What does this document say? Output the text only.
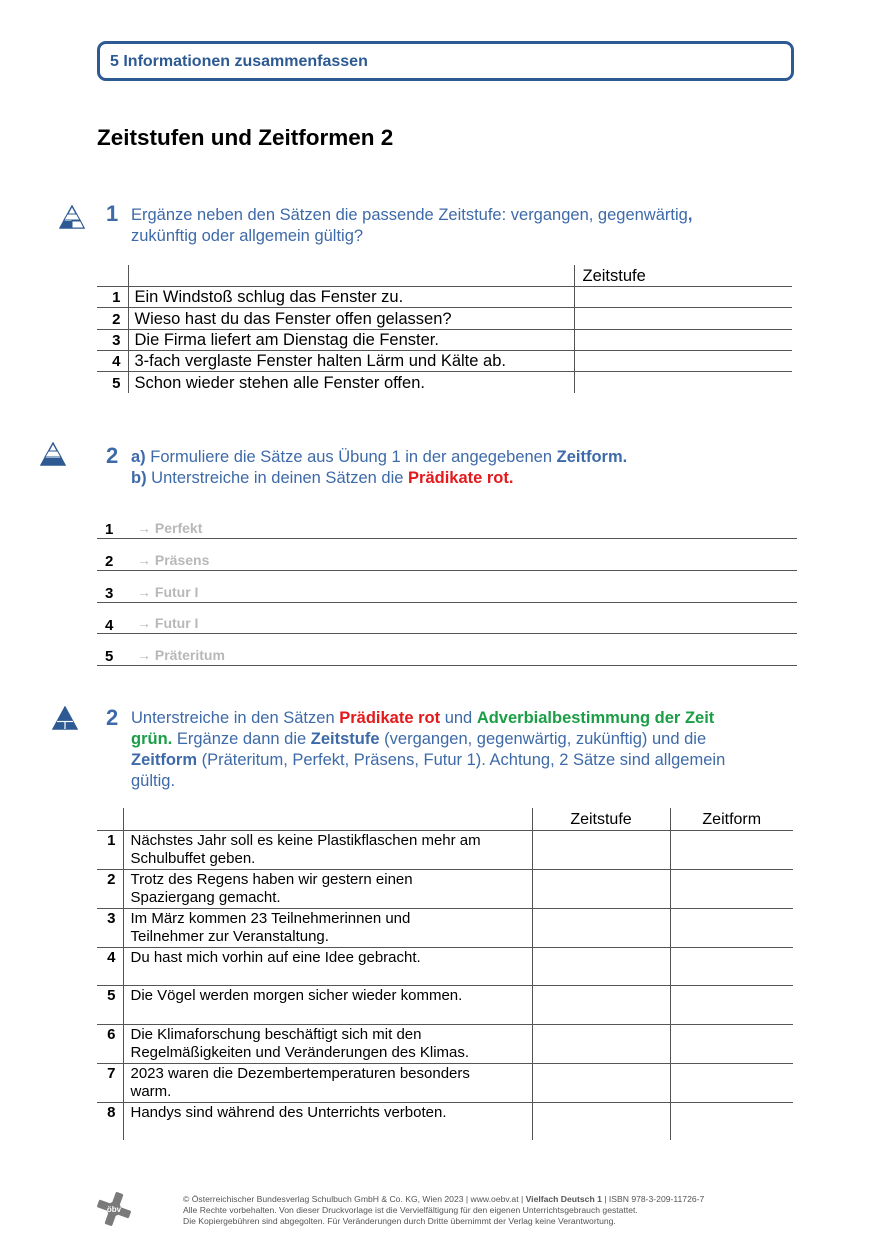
5 Informationen zusammenfassen
Zeitstufen und Zeitformen 2
1 Ergänze neben den Sätzen die passende Zeitstufe: vergangen, gegenwärtig,
zukünftig oder allgemein gültig?
		Zeitstufe
1	Ein Windstoß schlug das Fenster zu.	
2	Wieso hast du das Fenster offen gelassen?	
3	Die Firma liefert am Dienstag die Fenster.	
4	3-fach verglaste Fenster halten Lärm und Kälte ab.	
5	Schon wieder stehen alle Fenster offen.	
2 a) Formuliere die Sätze aus Übung 1 in der angegebenen Zeitform.
b) Unterstreiche in deinen Sätzen die Prädikate rot.
1 → Perfekt
2 → Präsens
3 → Futur I
4 → Futur I
5 → Präteritum
2 Unterstreiche in den Sätzen Prädikate rot und Adverbialbestimmung der Zeit
grün. Ergänze dann die Zeitstufe (vergangen, gegenwärtig, zukünftig) und die
Zeitform (Präteritum, Perfekt, Präsens, Futur 1). Achtung, 2 Sätze sind allgemein
gültig.
		Zeitstufe	Zeitform
1	Nächstes Jahr soll es keine Plastikflaschen mehr am
Schulbuffet geben.		
2	Trotz des Regens haben wir gestern einen
Spaziergang gemacht.		
3	Im März kommen 23 Teilnehmerinnen und
Teilnehmer zur Veranstaltung.		
4	Du hast mich vorhin auf eine Idee gebracht.		
5	Die Vögel werden morgen sicher wieder kommen.		
6	Die Klimaforschung beschäftigt sich mit den
Regelmäßigkeiten und Veränderungen des Klimas.		
7	2023 waren die Dezembertemperaturen besonders
warm.		
8	Handys sind während des Unterrichts verboten.		
öbv
© Österreichischer Bundesverlag Schulbuch GmbH & Co. KG, Wien 2023 | www.oebv.at | Vielfach Deutsch 1 | ISBN 978-3-209-11726-7
Alle Rechte vorbehalten. Von dieser Druckvorlage ist die Vervielfältigung für den eigenen Unterrichtsgebrauch gestattet.
Die Kopiergebühren sind abgegolten. Für Veränderungen durch Dritte übernimmt der Verlag keine Verantwortung.
